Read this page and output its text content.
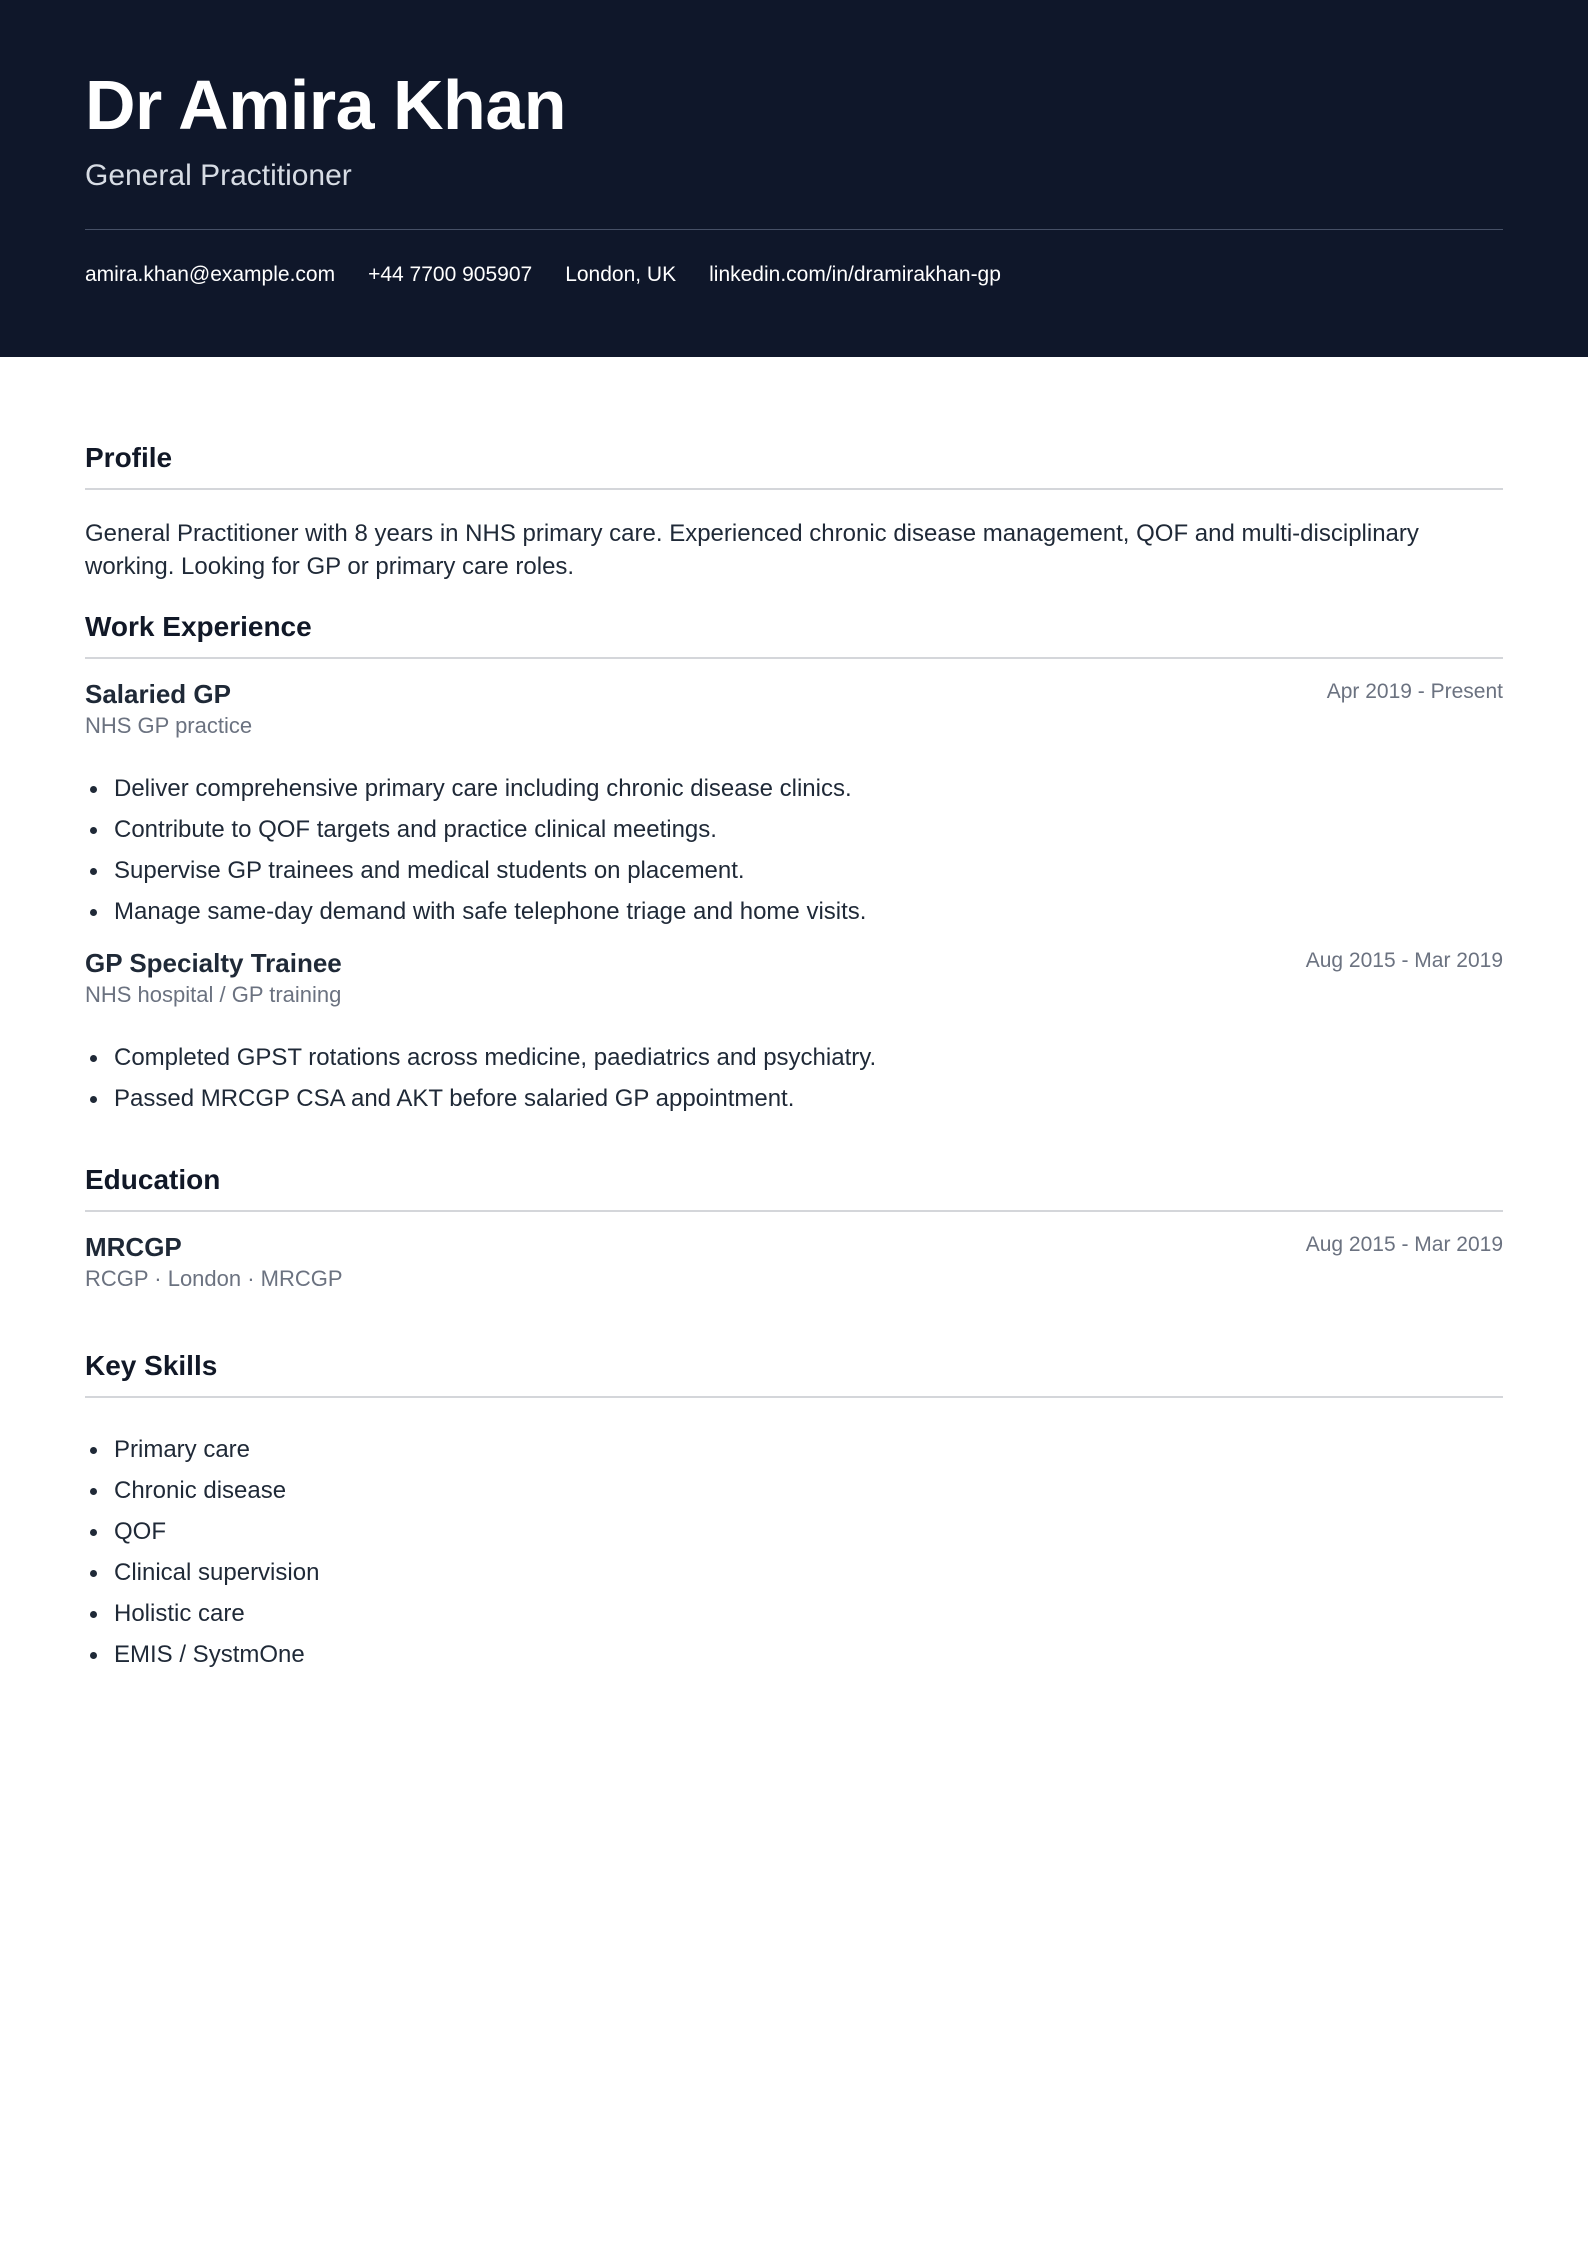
Dr Amira Khan
General Practitioner
amira.khan@example.com +44 7700 905907 London, UK linkedin.com/in/dramirakhan-gp
Profile

General Practitioner with 8 years in NHS primary care. Experienced chronic disease management, QOF and multi-disciplinary working. Looking for GP or primary care roles.

Work Experience
Salaried GP	Apr 2019 - Present
NHS GP practice
Deliver comprehensive primary care including chronic disease clinics.
Contribute to QOF targets and practice clinical meetings.
Supervise GP trainees and medical students on placement.
Manage same-day demand with safe telephone triage and home visits.
GP Specialty Trainee	Aug 2015 - Mar 2019
NHS hospital / GP training
Completed GPST rotations across medicine, paediatrics and psychiatry.
Passed MRCGP CSA and AKT before salaried GP appointment.
Education
MRCGP	Aug 2015 - Mar 2019
RCGP · London · MRCGP
Key Skills
Primary care
Chronic disease
QOF
Clinical supervision
Holistic care
EMIS / SystmOne
